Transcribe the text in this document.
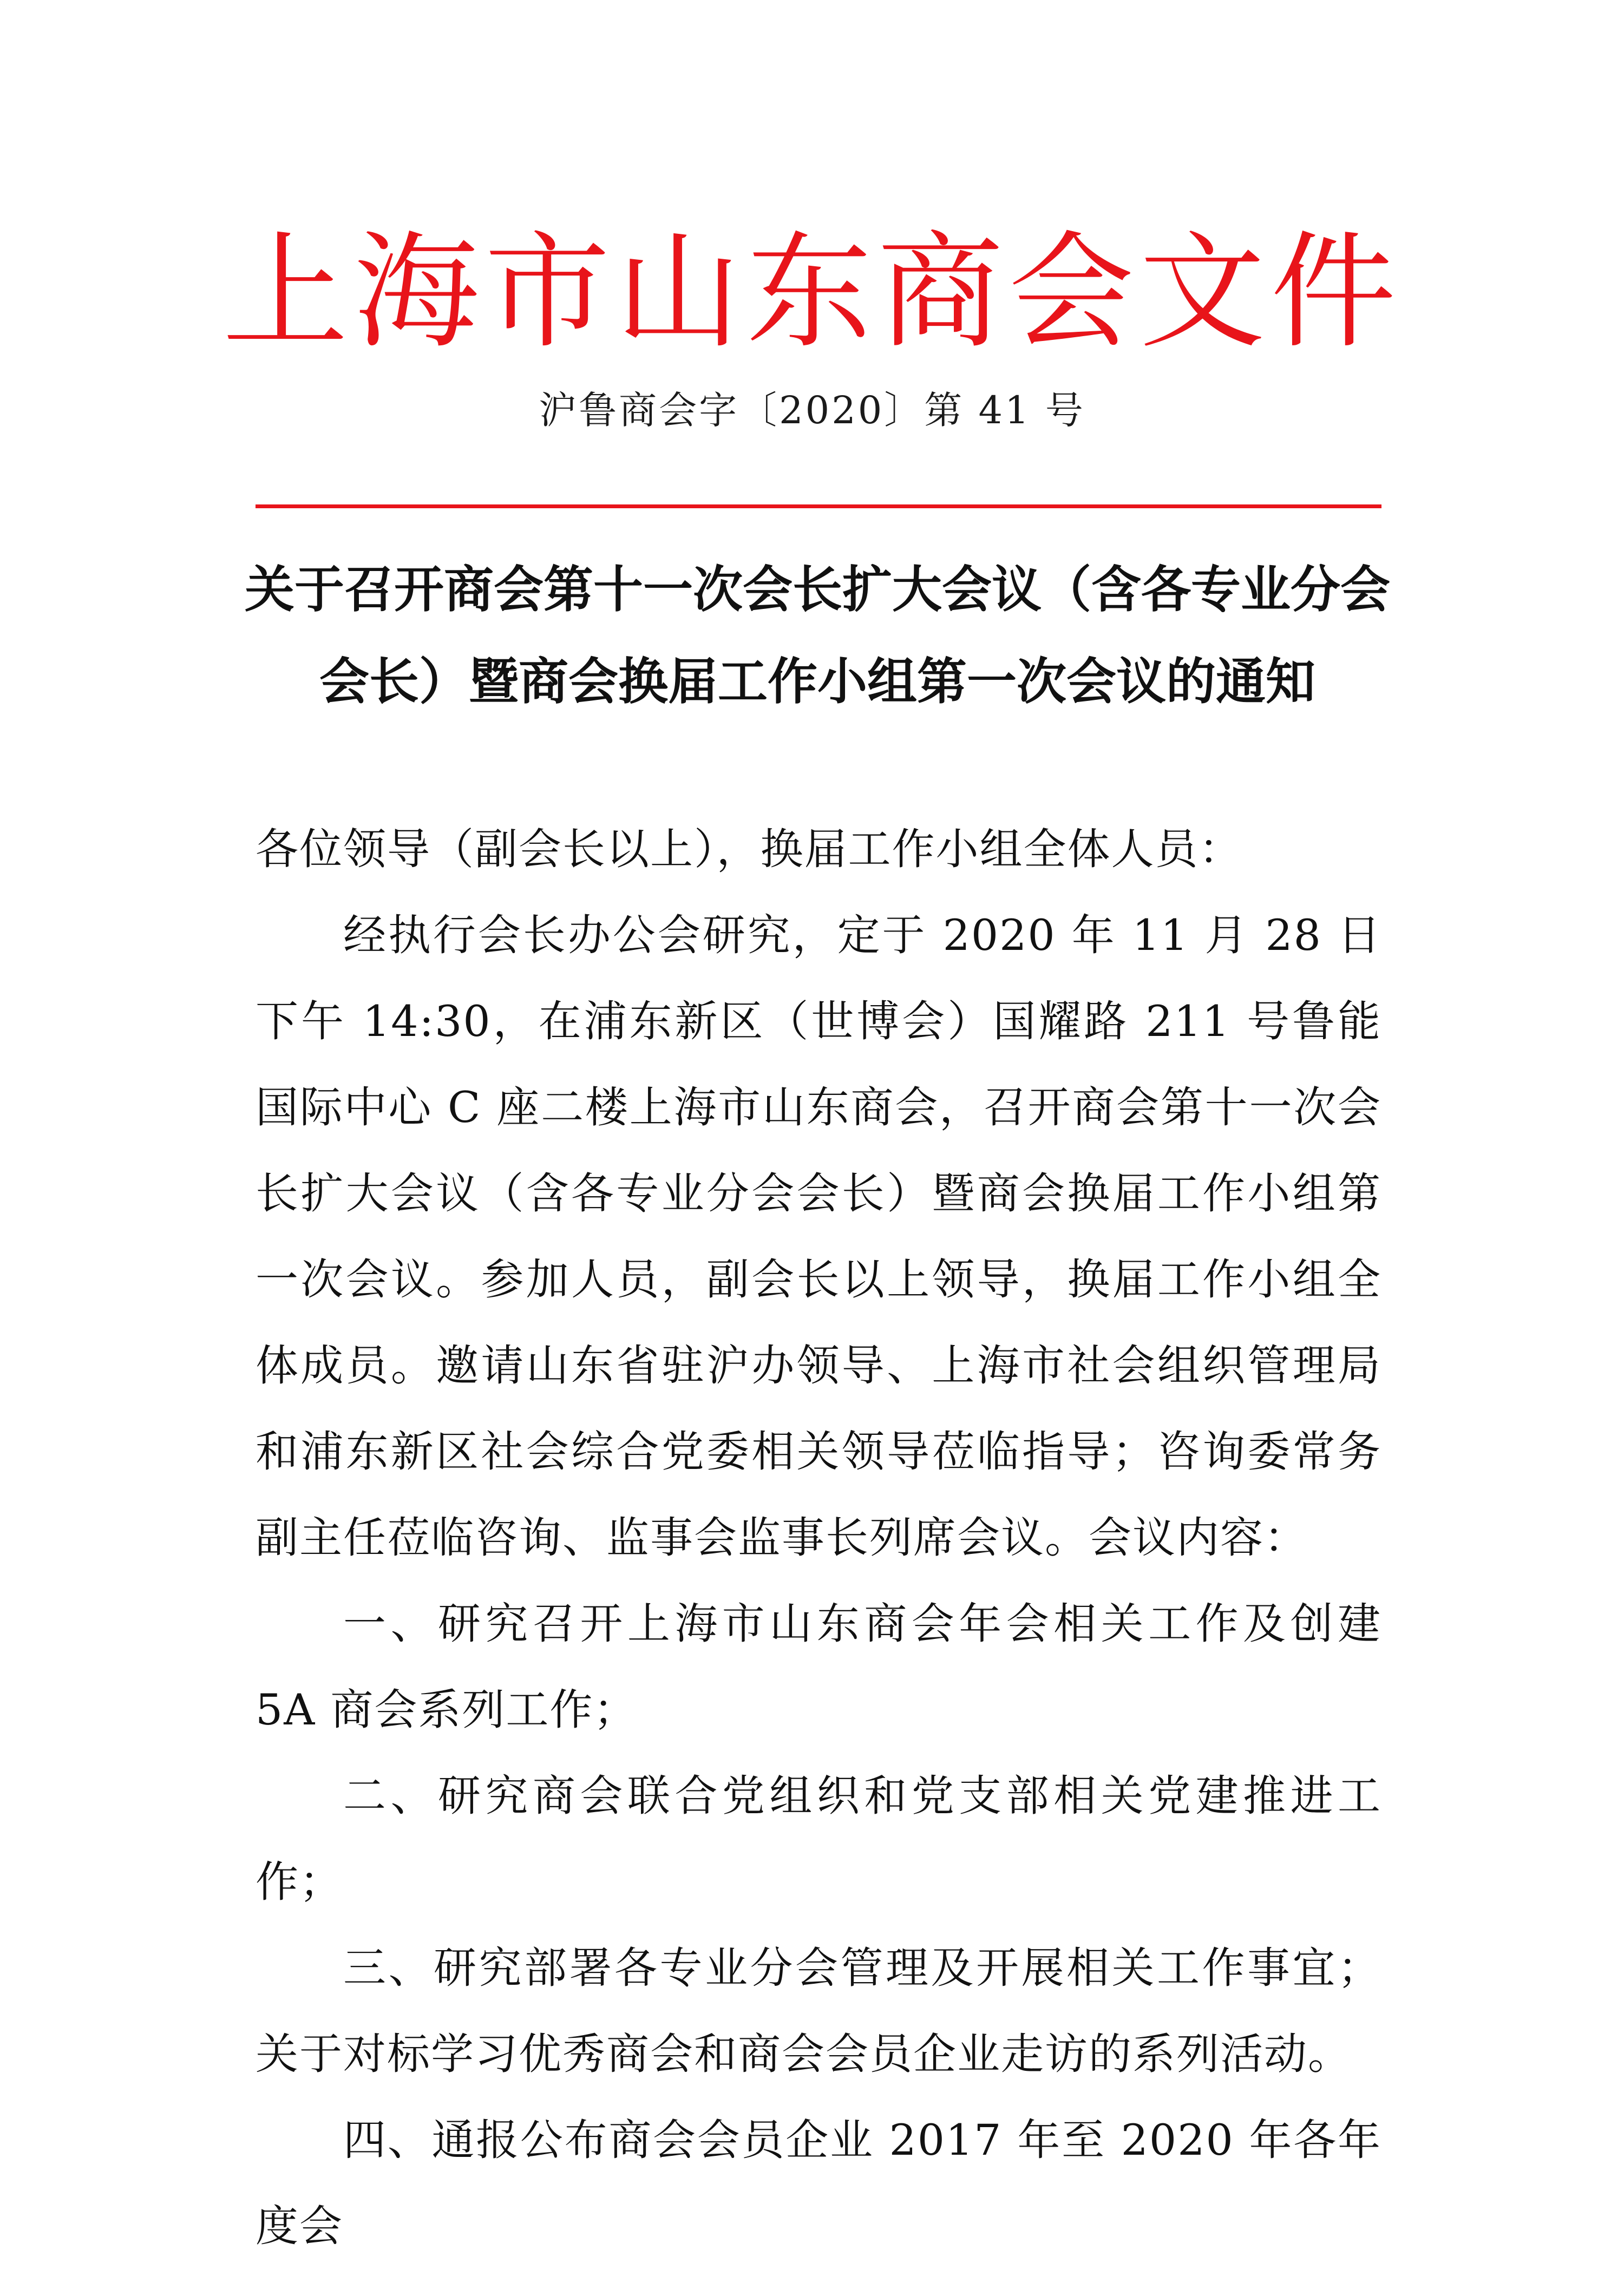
上海市山东商会文件
沪鲁商会字〔2020〕第 41 号
关于召开商会第十一次会长扩大会议（含各专业分会
会长）暨商会换届工作小组第一次会议的通知

各位领导（副会长以上），换届工作小组全体人员：

经执行会长办公会研究，定于 2020 年 11 月 28 日下午 14:30，在浦东新区（世博会）国耀路 211 号鲁能国际中心 C 座二楼上海市山东商会，召开商会第十一次会长扩大会议（含各专业分会会长）暨商会换届工作小组第一次会议。参加人员，副会长以上领导，换届工作小组全体成员。邀请山东省驻沪办领导、上海市社会组织管理局和浦东新区社会综合党委相关领导莅临指导；咨询委常务副主任莅临咨询、监事会监事长列席会议。会议内容：

一、研究召开上海市山东商会年会相关工作及创建 5A 商会系列工作；

二、研究商会联合党组织和党支部相关党建推进工作；

三、研究部署各专业分会管理及开展相关工作事宜；关于对标学习优秀商会和商会会员企业走访的系列活动。

四、通报公布商会会员企业 2017 年至 2020 年各年度会
